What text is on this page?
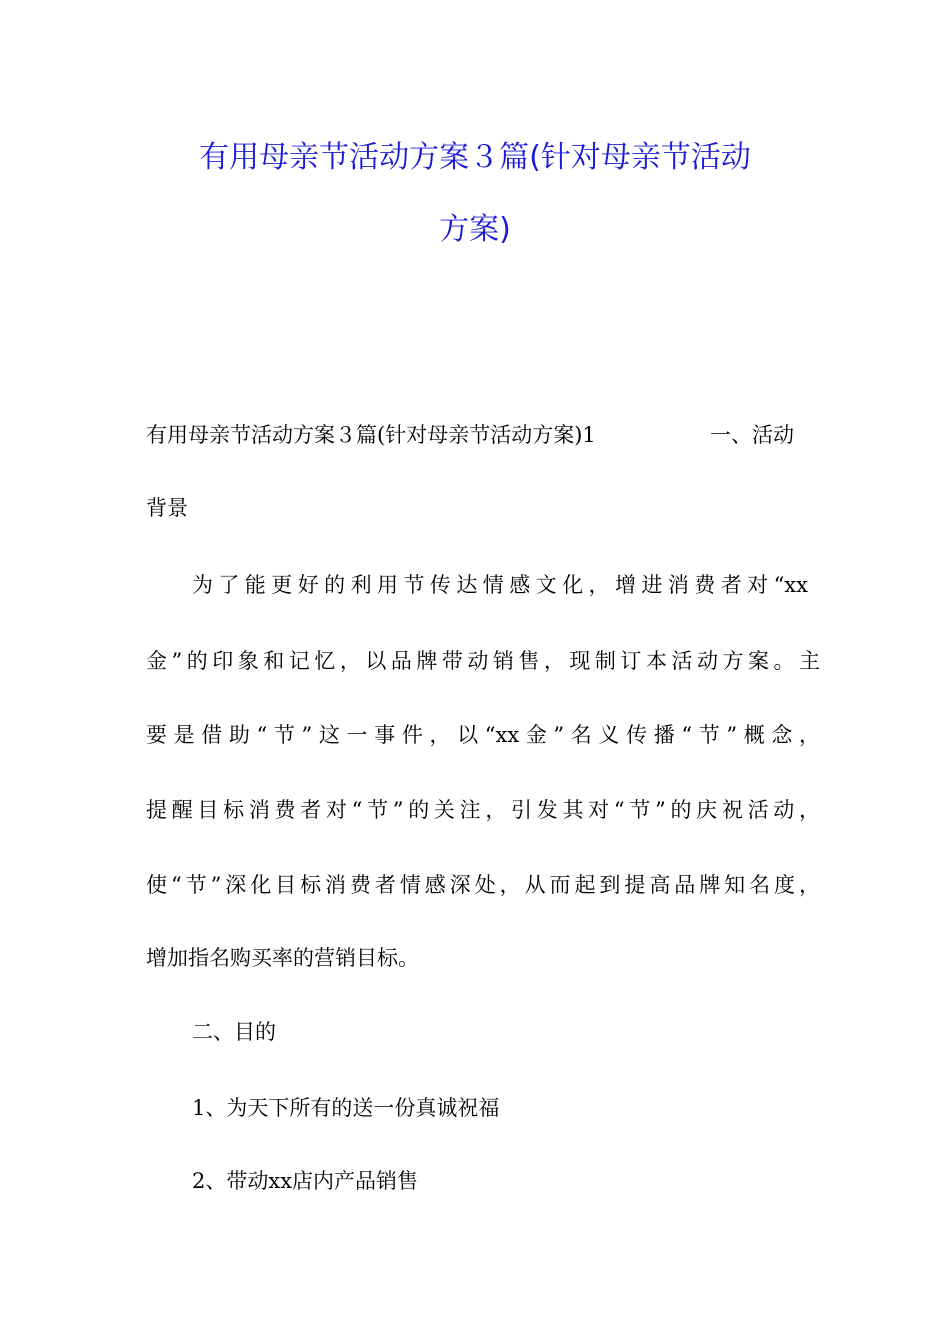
有用母亲节活动方案３篇(针对母亲节活动
方案)
有用母亲节活动方案３篇(针对母亲节活动方案)1	一、活动
背景
为了能更好的利用节传达情感文化，增进消费者对“xx
金”的印象和记忆，以品牌带动销售，现制订本活动方案。主
要是借助“节”这一事件，以“xx金”名义传播“节”概念，
提醒目标消费者对“节”的关注，引发其对“节”的庆祝活动，
使“节”深化目标消费者情感深处，从而起到提高品牌知名度，
增加指名购买率的营销目标。
二、目的
1、为天下所有的送一份真诚祝福
2、带动xx店内产品销售
